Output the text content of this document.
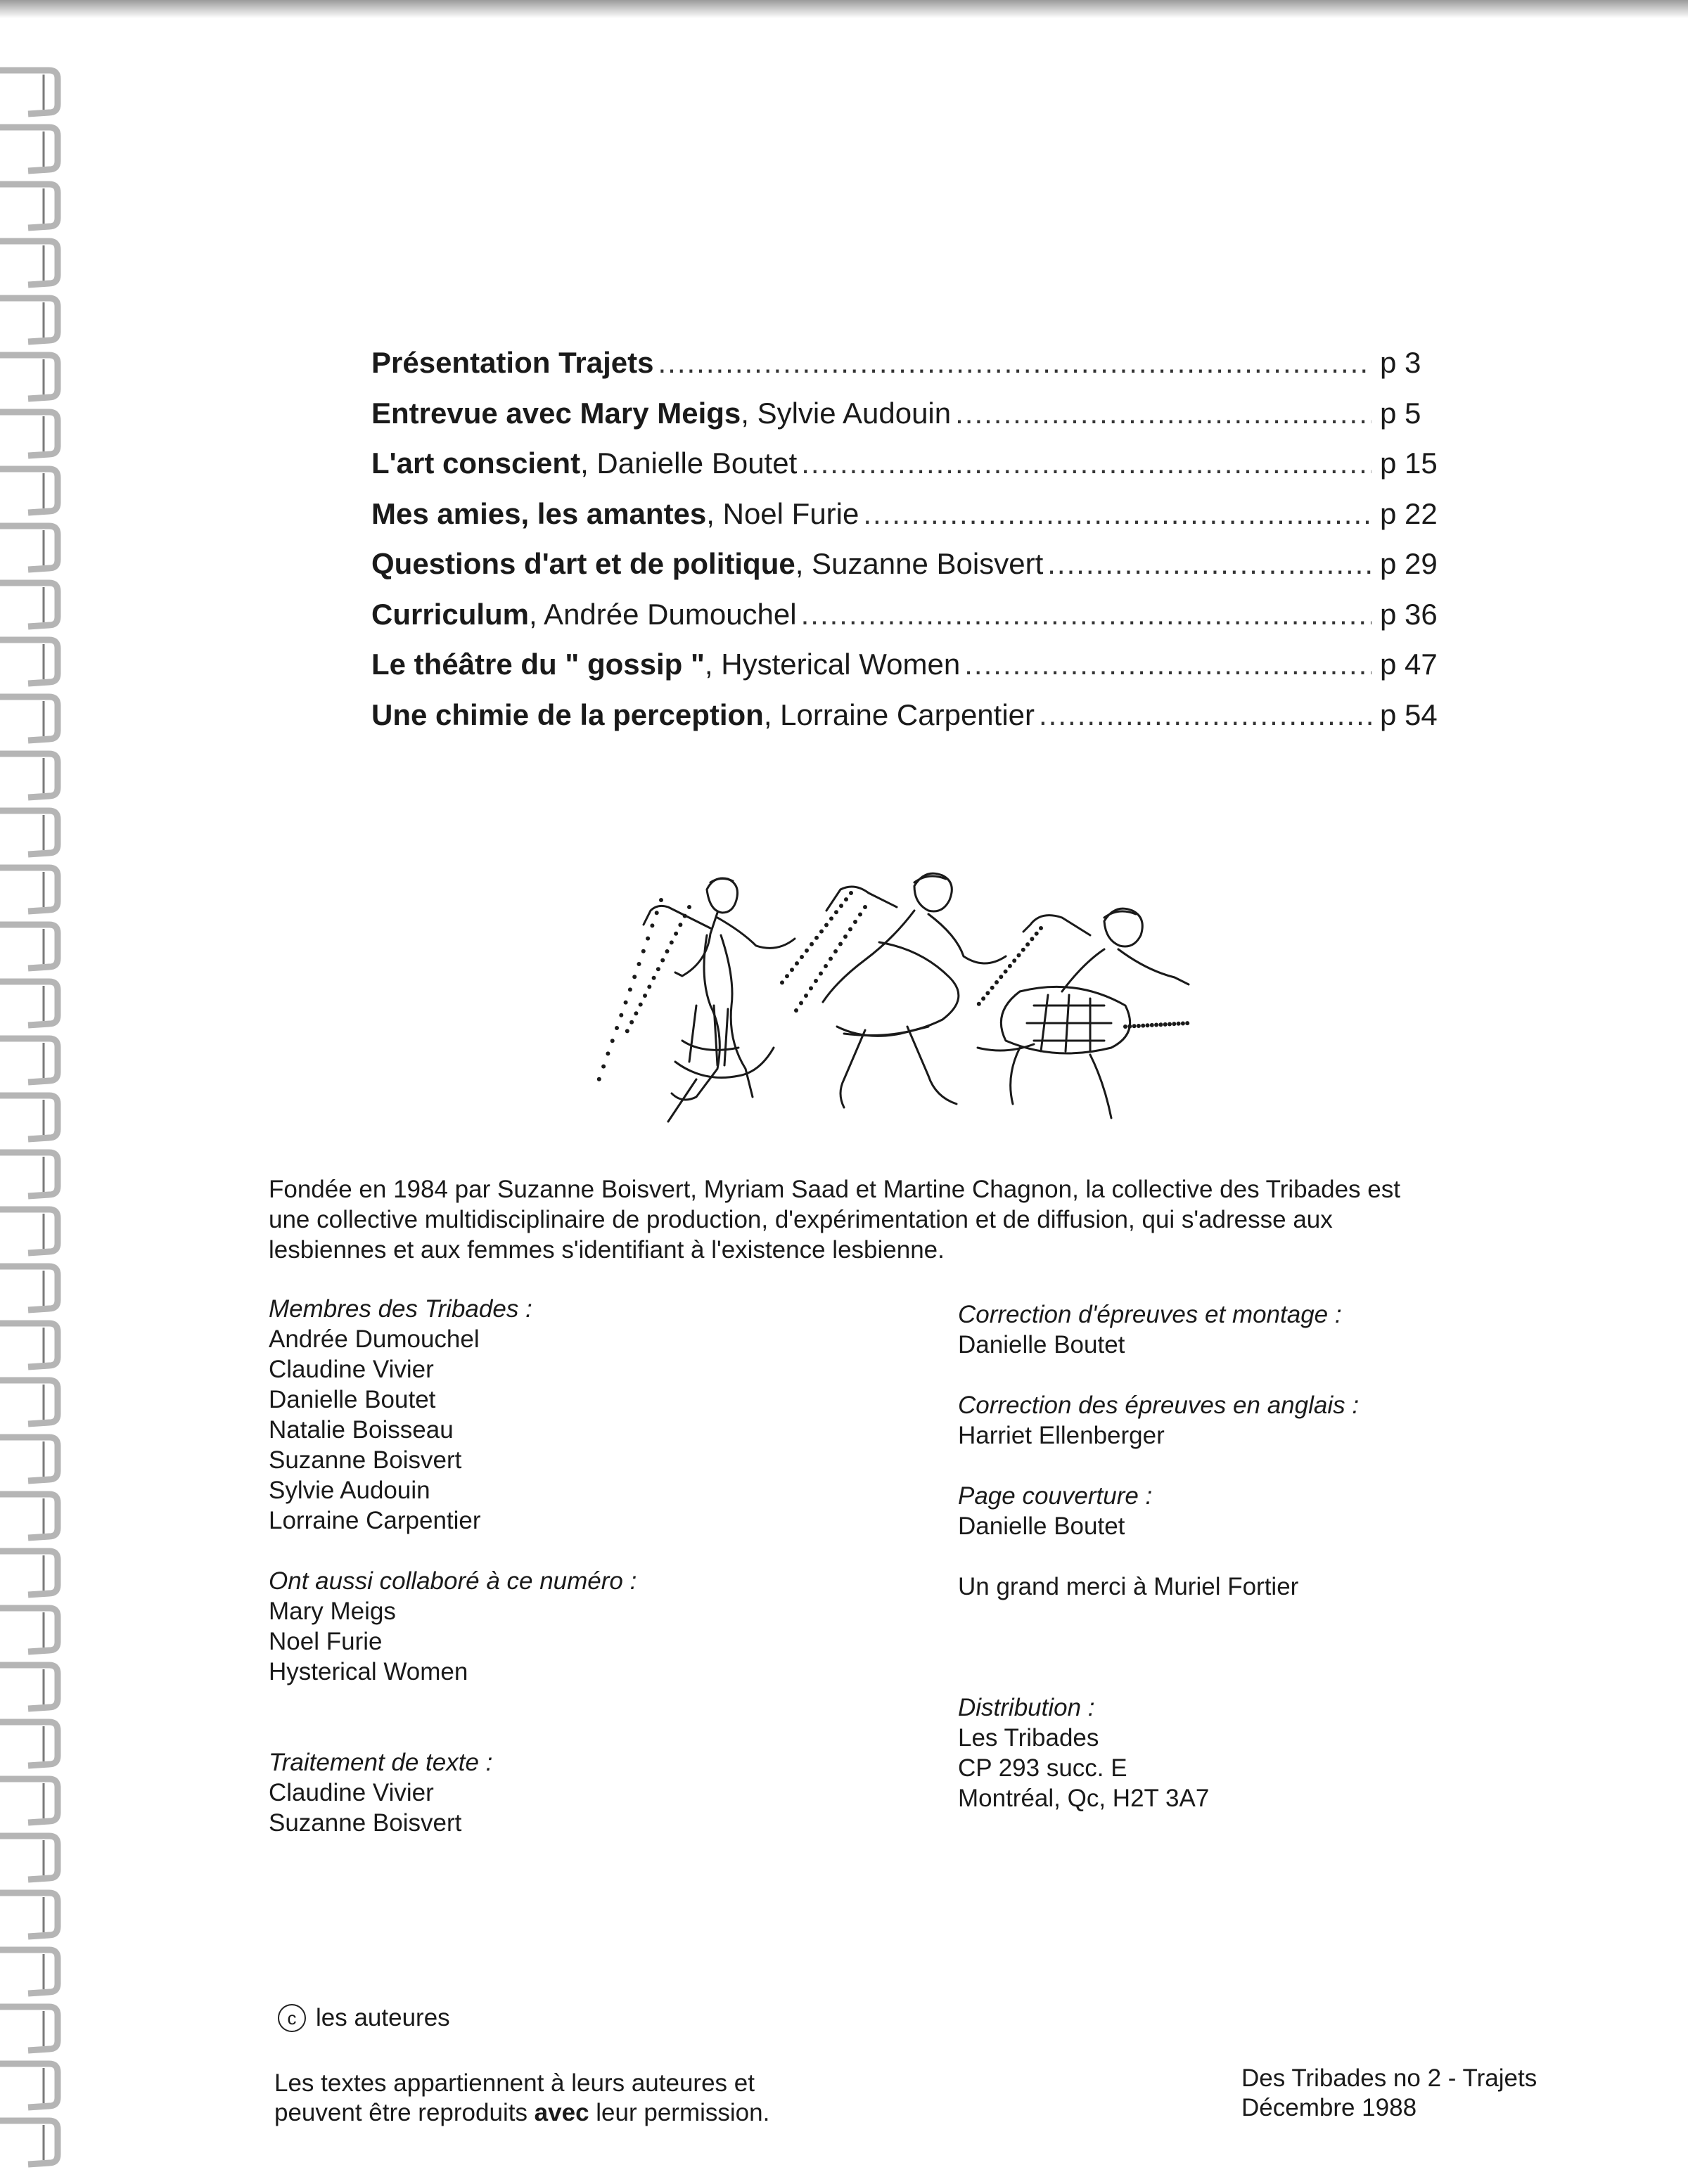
Présentation Trajets .....	p 3
Entrevue avec Mary Meigs , Sylvie Audouin .....	p 5
L'art conscient , Danielle Boutet .....	p 15
Mes amies, les amantes , Noel Furie .....	p 22
Questions d'art et de politique , Suzanne Boisvert .....	p 29
Curriculum , Andrée Dumouchel .....	p 36
Le théâtre du " gossip " , Hysterical Women .....	p 47
Une chimie de la perception , Lorraine Carpentier .....	p 54
Fondée en 1984 par Suzanne Boisvert, Myriam Saad et Martine Chagnon, la collective des Tribades est une collective multidisciplinaire de production, d'expérimentation et de diffusion, qui s'adresse aux lesbiennes et aux femmes s'identifiant à l'existence lesbienne.
Membres des Tribades :
Andrée Dumouchel
Claudine Vivier
Danielle Boutet
Natalie Boisseau
Suzanne Boisvert
Sylvie Audouin
Lorraine Carpentier
Ont aussi collaboré à ce numéro :
Mary Meigs
Noel Furie
Hysterical Women
Traitement de texte :
Claudine Vivier
Suzanne Boisvert
Correction d'épreuves et montage :
Danielle Boutet
Correction des épreuves en anglais :
Harriet Ellenberger
Page couverture :
Danielle Boutet
Un grand merci à Muriel Fortier
Distribution :
Les Tribades
CP 293 succ. E
Montréal, Qc, H2T 3A7
c les auteures
Les textes appartiennent à leurs auteures et
peuvent être reproduits avec leur permission.
Des Tribades no 2 - Trajets
Décembre 1988
